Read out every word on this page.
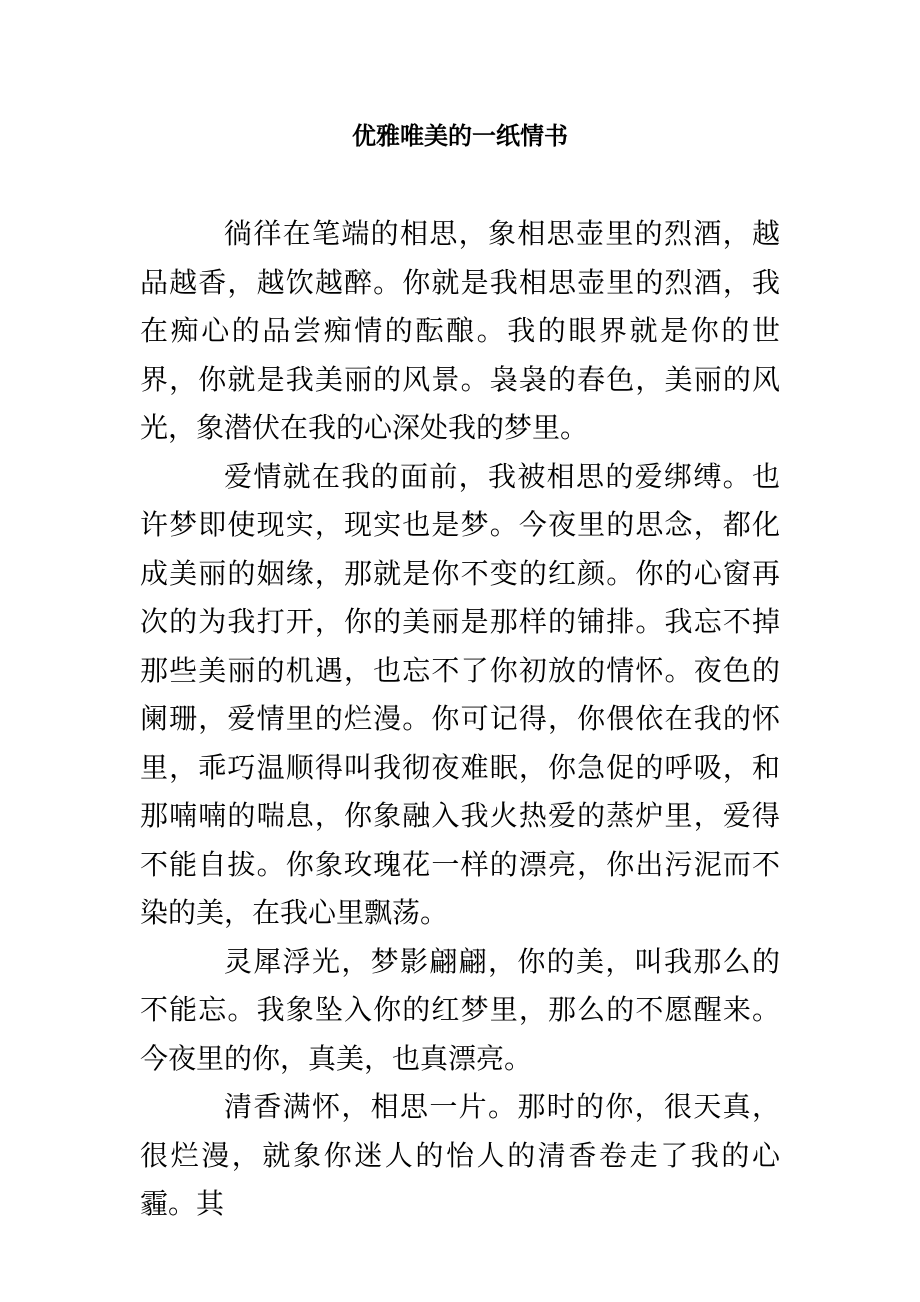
优雅唯美的一纸情书

徜徉在笔端的相思，象相思壶里的烈酒，越品越香，越饮越醉。你就是我相思壶里的烈酒，我在痴心的品尝痴情的酝酿。我的眼界就是你的世界，你就是我美丽的风景。袅袅的春色，美丽的风光，象潜伏在我的心深处我的梦里。

爱情就在我的面前，我被相思的爱绑缚。也许梦即使现实，现实也是梦。今夜里的思念，都化成美丽的姻缘，那就是你不变的红颜。你的心窗再次的为我打开，你的美丽是那样的铺排。我忘不掉那些美丽的机遇，也忘不了你初放的情怀。夜色的阑珊，爱情里的烂漫。你可记得，你偎依在我的怀里，乖巧温顺得叫我彻夜难眠，你急促的呼吸，和那喃喃的喘息，你象融入我火热爱的蒸炉里，爱得不能自拔。你象玫瑰花一样的漂亮，你出污泥而不染的美，在我心里飘荡。

灵犀浮光，梦影翩翩，你的美，叫我那么的不能忘。我象坠入你的红梦里，那么的不愿醒来。今夜里的你，真美，也真漂亮。

清香满怀，相思一片。那时的你，很天真，很烂漫，就象你迷人的怡人的清香卷走了我的心霾。其
